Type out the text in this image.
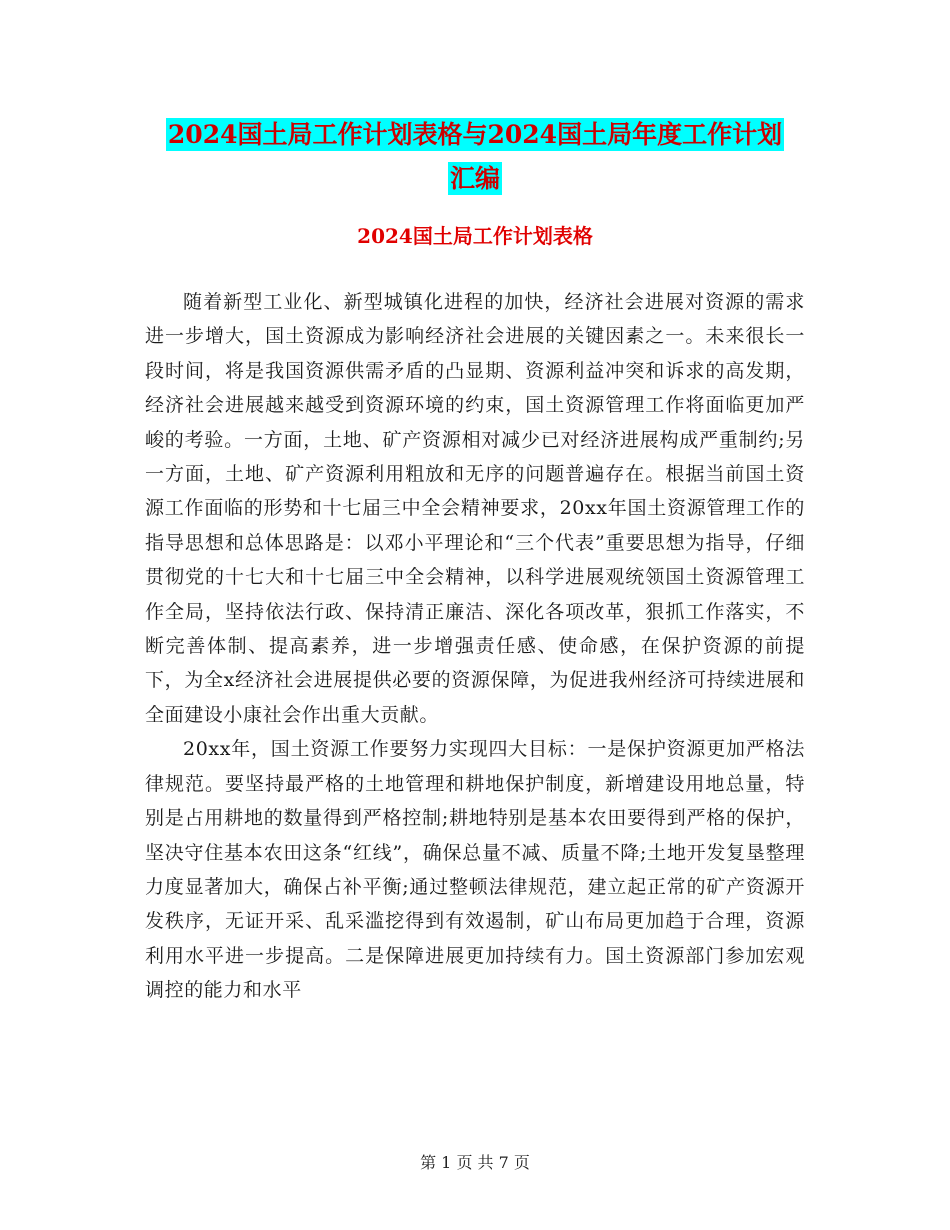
2024国土局工作计划表格与2024国土局年度工作计划
汇编
2024国土局工作计划表格

随着新型工业化、新型城镇化进程的加快，经济社会进展对资源的需求进一步增大，国土资源成为影响经济社会进展的关键因素之一。未来很长一段时间，将是我国资源供需矛盾的凸显期、资源利益冲突和诉求的高发期，经济社会进展越来越受到资源环境的约束，国土资源管理工作将面临更加严峻的考验。一方面，土地、矿产资源相对减少已对经济进展构成严重制约;另一方面，土地、矿产资源利用粗放和无序的问题普遍存在。根据当前国土资源工作面临的形势和十七届三中全会精神要求，20xx年国土资源管理工作的指导思想和总体思路是：以邓小平理论和“三个代表”重要思想为指导，仔细贯彻党的十七大和十七届三中全会精神，以科学进展观统领国土资源管理工作全局，坚持依法行政、保持清正廉洁、深化各项改革，狠抓工作落实，不断完善体制、提高素养，进一步增强责任感、使命感，在保护资源的前提下，为全x经济社会进展提供必要的资源保障，为促进我州经济可持续进展和全面建设小康社会作出重大贡献。

20xx年，国土资源工作要努力实现四大目标：一是保护资源更加严格法律规范。要坚持最严格的土地管理和耕地保护制度，新增建设用地总量，特别是占用耕地的数量得到严格控制;耕地特别是基本农田要得到严格的保护，坚决守住基本农田这条“红线”，确保总量不减、质量不降;土地开发复垦整理力度显著加大，确保占补平衡;通过整顿法律规范，建立起正常的矿产资源开发秩序，无证开采、乱采滥挖得到有效遏制，矿山布局更加趋于合理，资源利用水平进一步提高。二是保障进展更加持续有力。国土资源部门参加宏观调控的能力和水平

第 1 页 共 7 页
